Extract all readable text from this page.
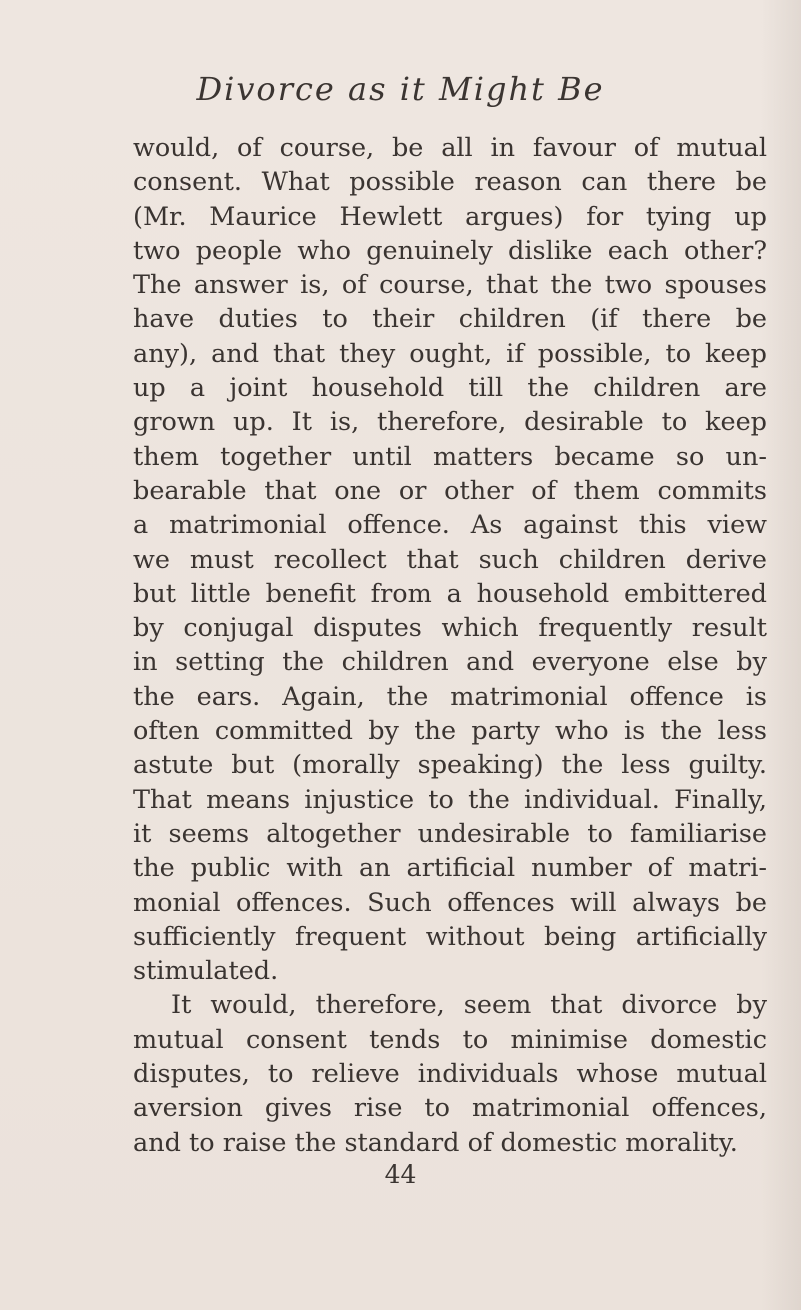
Divorce as it Might Be
would, of course, be all in favour of mutual
consent. What possible reason can there be
(Mr. Maurice Hewlett argues) for tying up
two people who genuinely dislike each other?
The answer is, of course, that the two spouses
have duties to their children (if there be
any), and that they ought, if possible, to keep
up a joint household till the children are
grown up. It is, therefore, desirable to keep
them together until matters became so un-
bearable that one or other of them commits
a matrimonial offence. As against this view
we must recollect that such children derive
but little benefit from a household embittered
by conjugal disputes which frequently result
in setting the children and everyone else by
the ears. Again, the matrimonial offence is
often committed by the party who is the less
astute but (morally speaking) the less guilty.
That means injustice to the individual. Finally,
it seems altogether undesirable to familiarise
the public with an artificial number of matri-
monial offences. Such offences will always be
sufficiently frequent without being artificially
stimulated.
It would, therefore, seem that divorce by
mutual consent tends to minimise domestic
disputes, to relieve individuals whose mutual
aversion gives rise to matrimonial offences,
and to raise the standard of domestic morality.
44
